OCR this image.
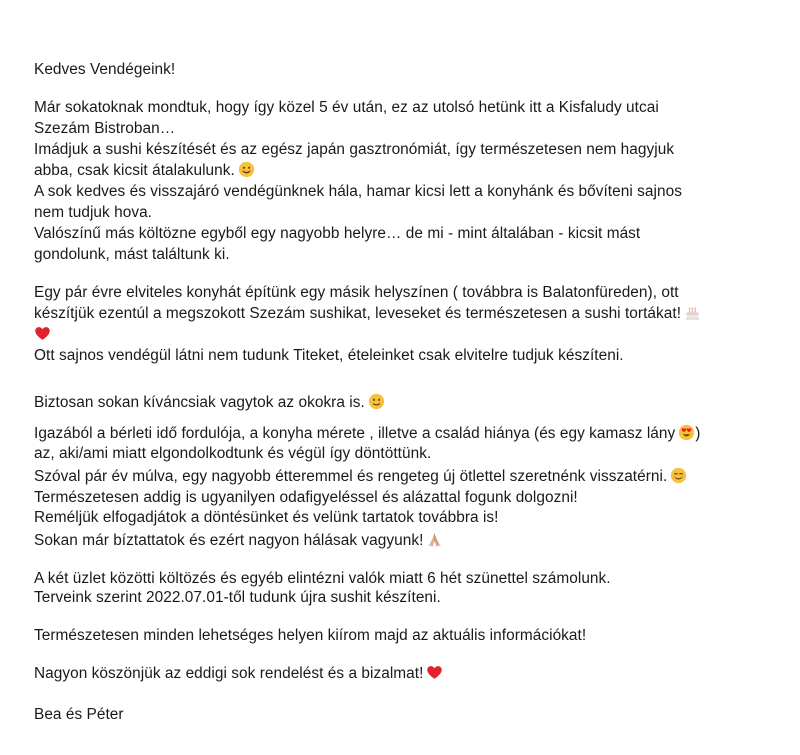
Kedves Vendégeink!
Már sokatoknak mondtuk, hogy így közel 5 év után, ez az utolsó hetünk itt a Kisfaludy utcai
Szezám Bistroban…
Imádjuk a sushi készítését és az egész japán gasztronómiát, így természetesen nem hagyjuk
abba, csak kicsit átalakulunk.
A sok kedves és visszajáró vendégünknek hála, hamar kicsi lett a konyhánk és bővíteni sajnos
nem tudjuk hova.
Valószínű más költözne egyből egy nagyobb helyre… de mi - mint általában - kicsit mást
gondolunk, mást találtunk ki.
Egy pár évre elviteles konyhát építünk egy másik helyszínen ( továbbra is Balatonfüreden), ott
készítjük ezentúl a megszokott Szezám sushikat, leveseket és természetesen a sushi tortákat!
Ott sajnos vendégül látni nem tudunk Titeket, ételeinket csak elvitelre tudjuk készíteni.
Biztosan sokan kíváncsiak vagytok az okokra is.
Igazából a bérleti idő fordulója, a konyha mérete , illetve a család hiánya (és egy kamasz lány )
az, aki/ami miatt elgondolkodtunk és végül így döntöttünk.
Szóval pár év múlva, egy nagyobb étteremmel és rengeteg új ötlettel szeretnénk visszatérni.
Természetesen addig is ugyanilyen odafigyeléssel és alázattal fogunk dolgozni!
Reméljük elfogadjátok a döntésünket és velünk tartatok továbbra is!
Sokan már bíztattatok és ezért nagyon hálásak vagyunk!
A két üzlet közötti költözés és egyéb elintézni valók miatt 6 hét szünettel számolunk.
Terveink szerint 2022.07.01-től tudunk újra sushit készíteni.
Természetesen minden lehetséges helyen kiírom majd az aktuális információkat!
Nagyon köszönjük az eddigi sok rendelést és a bizalmat!
Bea és Péter
